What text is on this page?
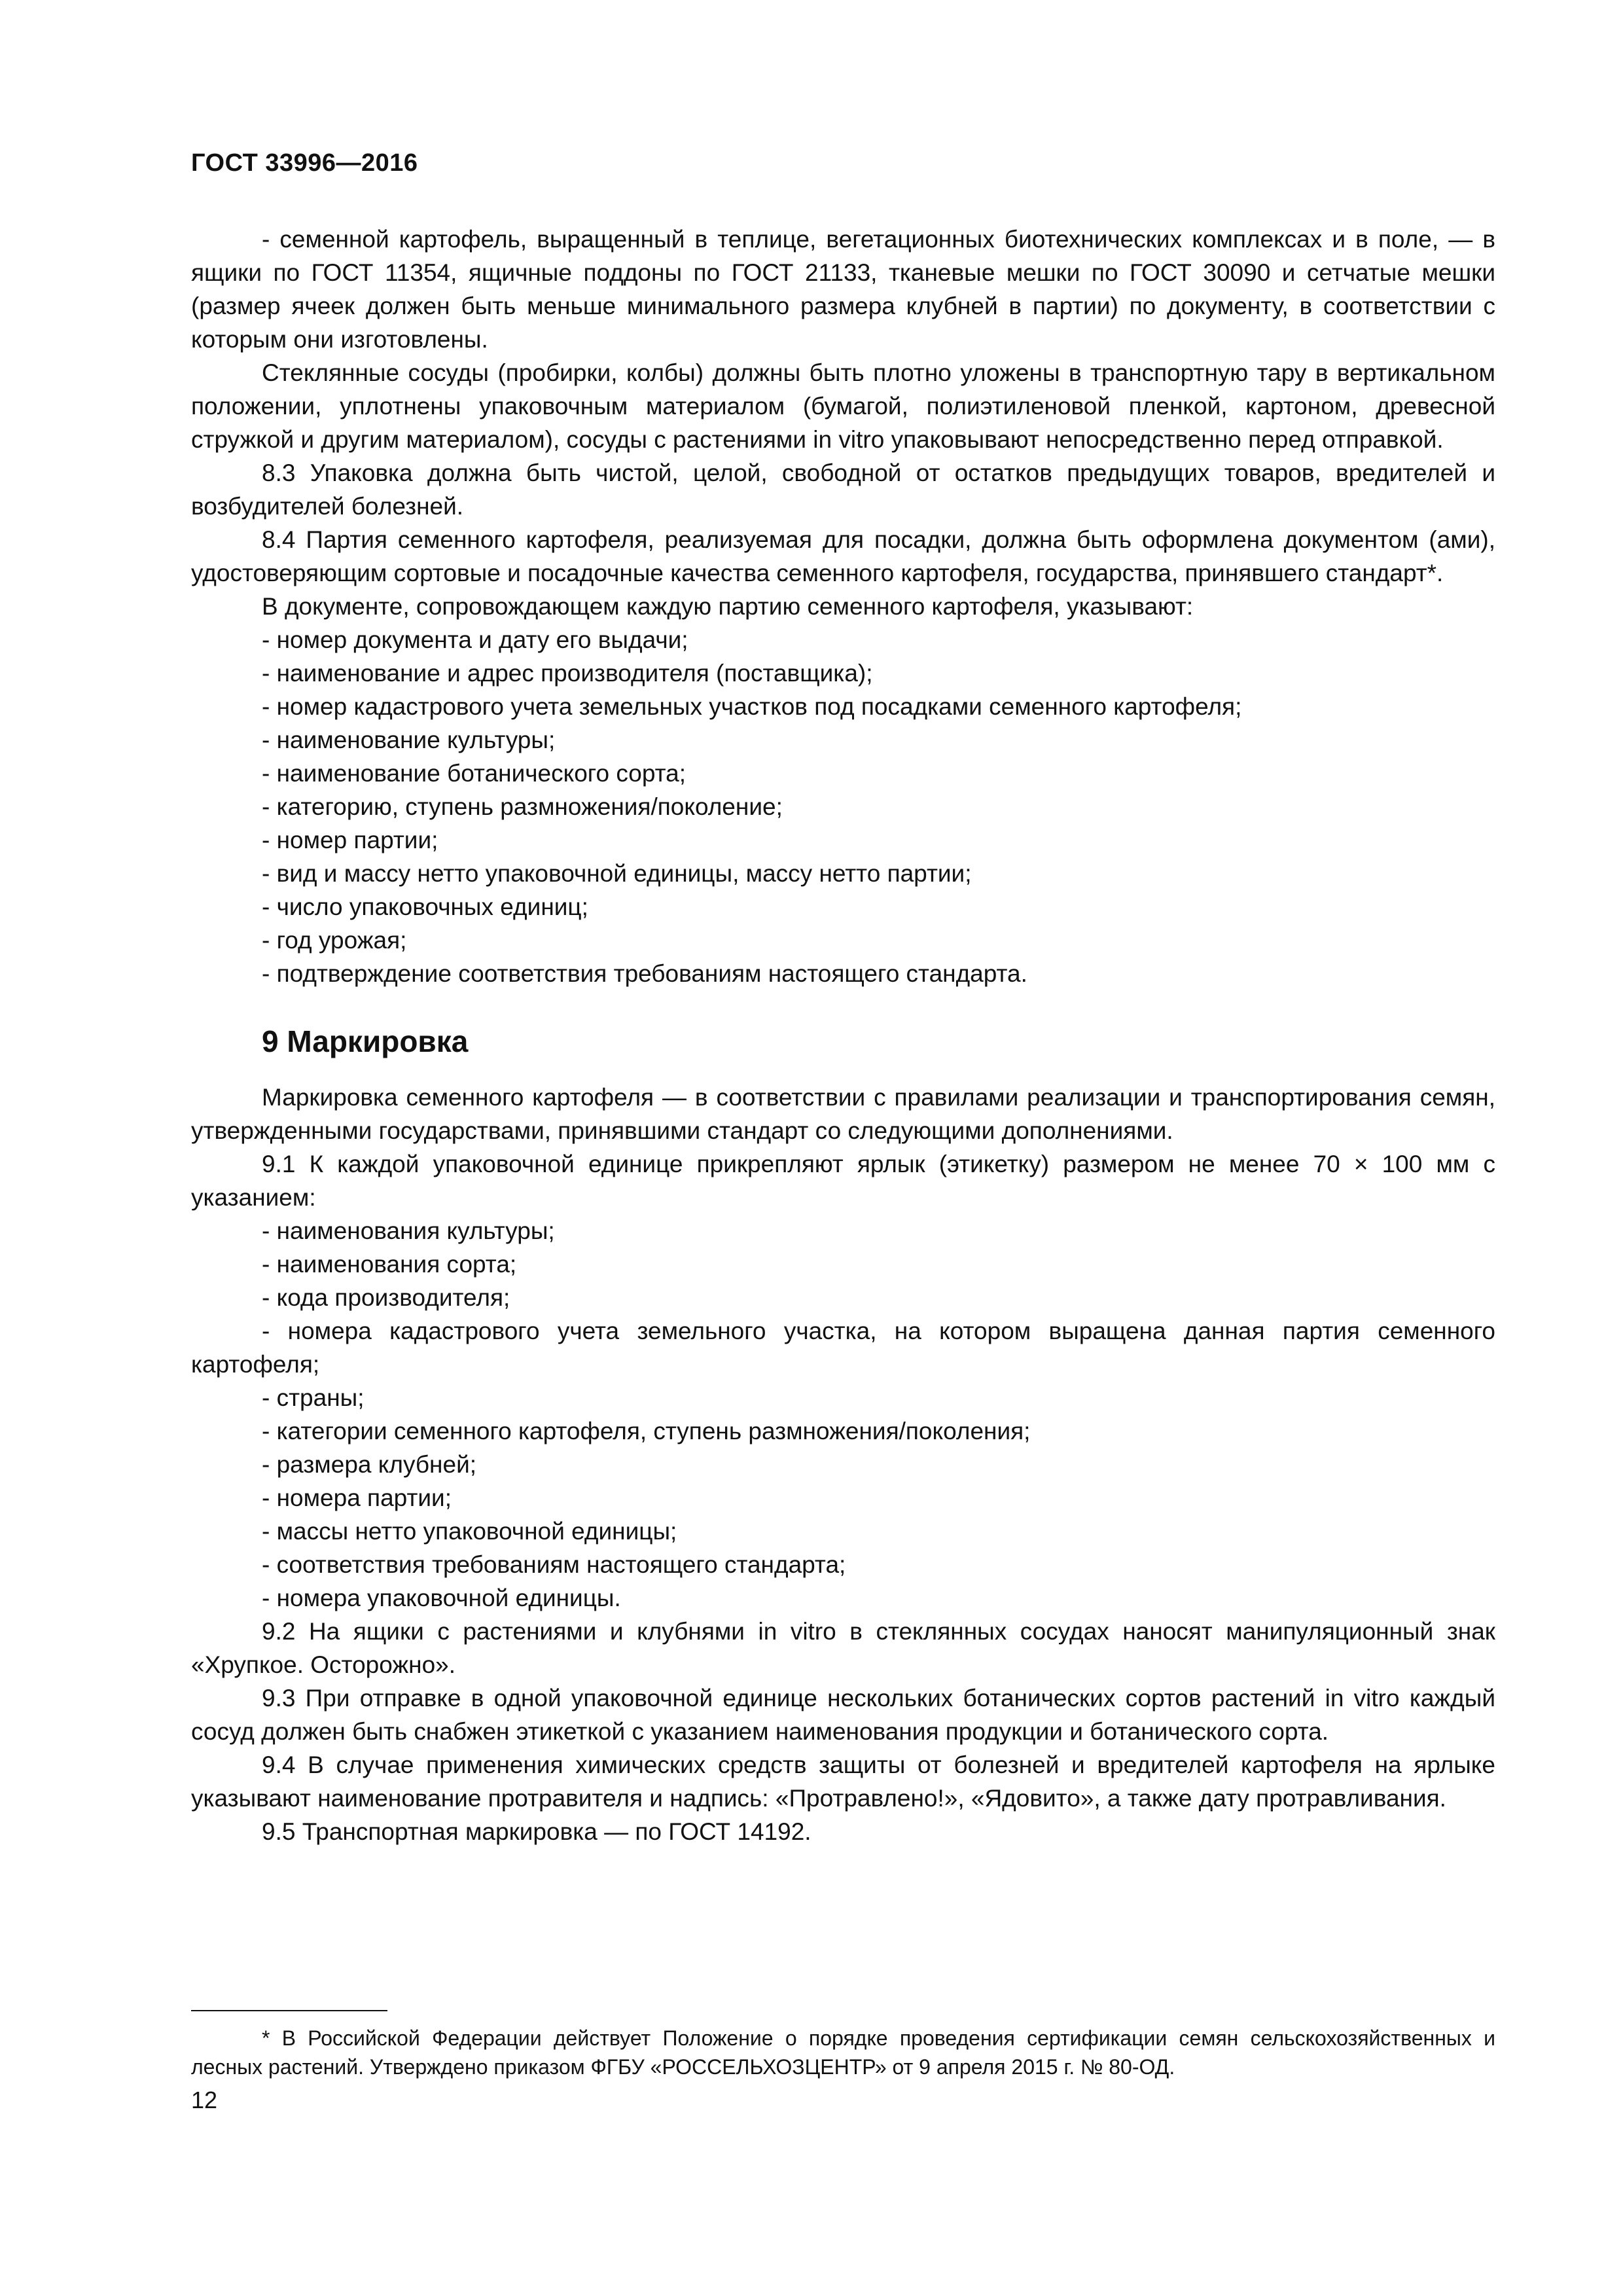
ГОСТ 33996—2016

- семенной картофель, выращенный в теплице, вегетационных биотехнических комплексах и в поле, — в ящики по ГОСТ 11354, ящичные поддоны по ГОСТ 21133, тканевые мешки по ГОСТ 30090 и сетчатые мешки (размер ячеек должен быть меньше минимального размера клубней в партии) по документу, в соответствии с которым они изготовлены.

Стеклянные сосуды (пробирки, колбы) должны быть плотно уложены в транспортную тару в вертикальном положении, уплотнены упаковочным материалом (бумагой, полиэтиленовой пленкой, картоном, древесной стружкой и другим материалом), сосуды с растениями in vitro упаковывают непосредственно перед отправкой.

8.3 Упаковка должна быть чистой, целой, свободной от остатков предыдущих товаров, вредителей и возбудителей болезней.

8.4 Партия семенного картофеля, реализуемая для посадки, должна быть оформлена документом (ами), удостоверяющим сортовые и посадочные качества семенного картофеля, государства, принявшего стандарт*.

В документе, сопровождающем каждую партию семенного картофеля, указывают:

- номер документа и дату его выдачи;

- наименование и адрес производителя (поставщика);

- номер кадастрового учета земельных участков под посадками семенного картофеля;

- наименование культуры;

- наименование ботанического сорта;

- категорию, ступень размножения/поколение;

- номер партии;

- вид и массу нетто упаковочной единицы, массу нетто партии;

- число упаковочных единиц;

- год урожая;

- подтверждение соответствия требованиям настоящего стандарта.

9 Маркировка

Маркировка семенного картофеля — в соответствии с правилами реализации и транспортирования семян, утвержденными государствами, принявшими стандарт со следующими дополнениями.

9.1 К каждой упаковочной единице прикрепляют ярлык (этикетку) размером не менее 70 × 100 мм с указанием:

- наименования культуры;

- наименования сорта;

- кода производителя;

- номера кадастрового учета земельного участка, на котором выращена данная партия семенного картофеля;

- страны;

- категории семенного картофеля, ступень размножения/поколения;

- размера клубней;

- номера партии;

- массы нетто упаковочной единицы;

- соответствия требованиям настоящего стандарта;

- номера упаковочной единицы.

9.2 На ящики с растениями и клубнями in vitro в стеклянных сосудах наносят манипуляционный знак «Хрупкое. Осторожно».

9.3 При отправке в одной упаковочной единице нескольких ботанических сортов растений in vitro каждый сосуд должен быть снабжен этикеткой с указанием наименования продукции и ботанического сорта.

9.4 В случае применения химических средств защиты от болезней и вредителей картофеля на ярлыке указывают наименование протравителя и надпись: «Протравлено!», «Ядовито», а также дату протравливания.

9.5 Транспортная маркировка — по ГОСТ 14192.

* В Российской Федерации действует Положение о порядке проведения сертификации семян сельскохозяйственных и лесных растений. Утверждено приказом ФГБУ «РОССЕЛЬХОЗЦЕНТР» от 9 апреля 2015 г. № 80-ОД.
12
